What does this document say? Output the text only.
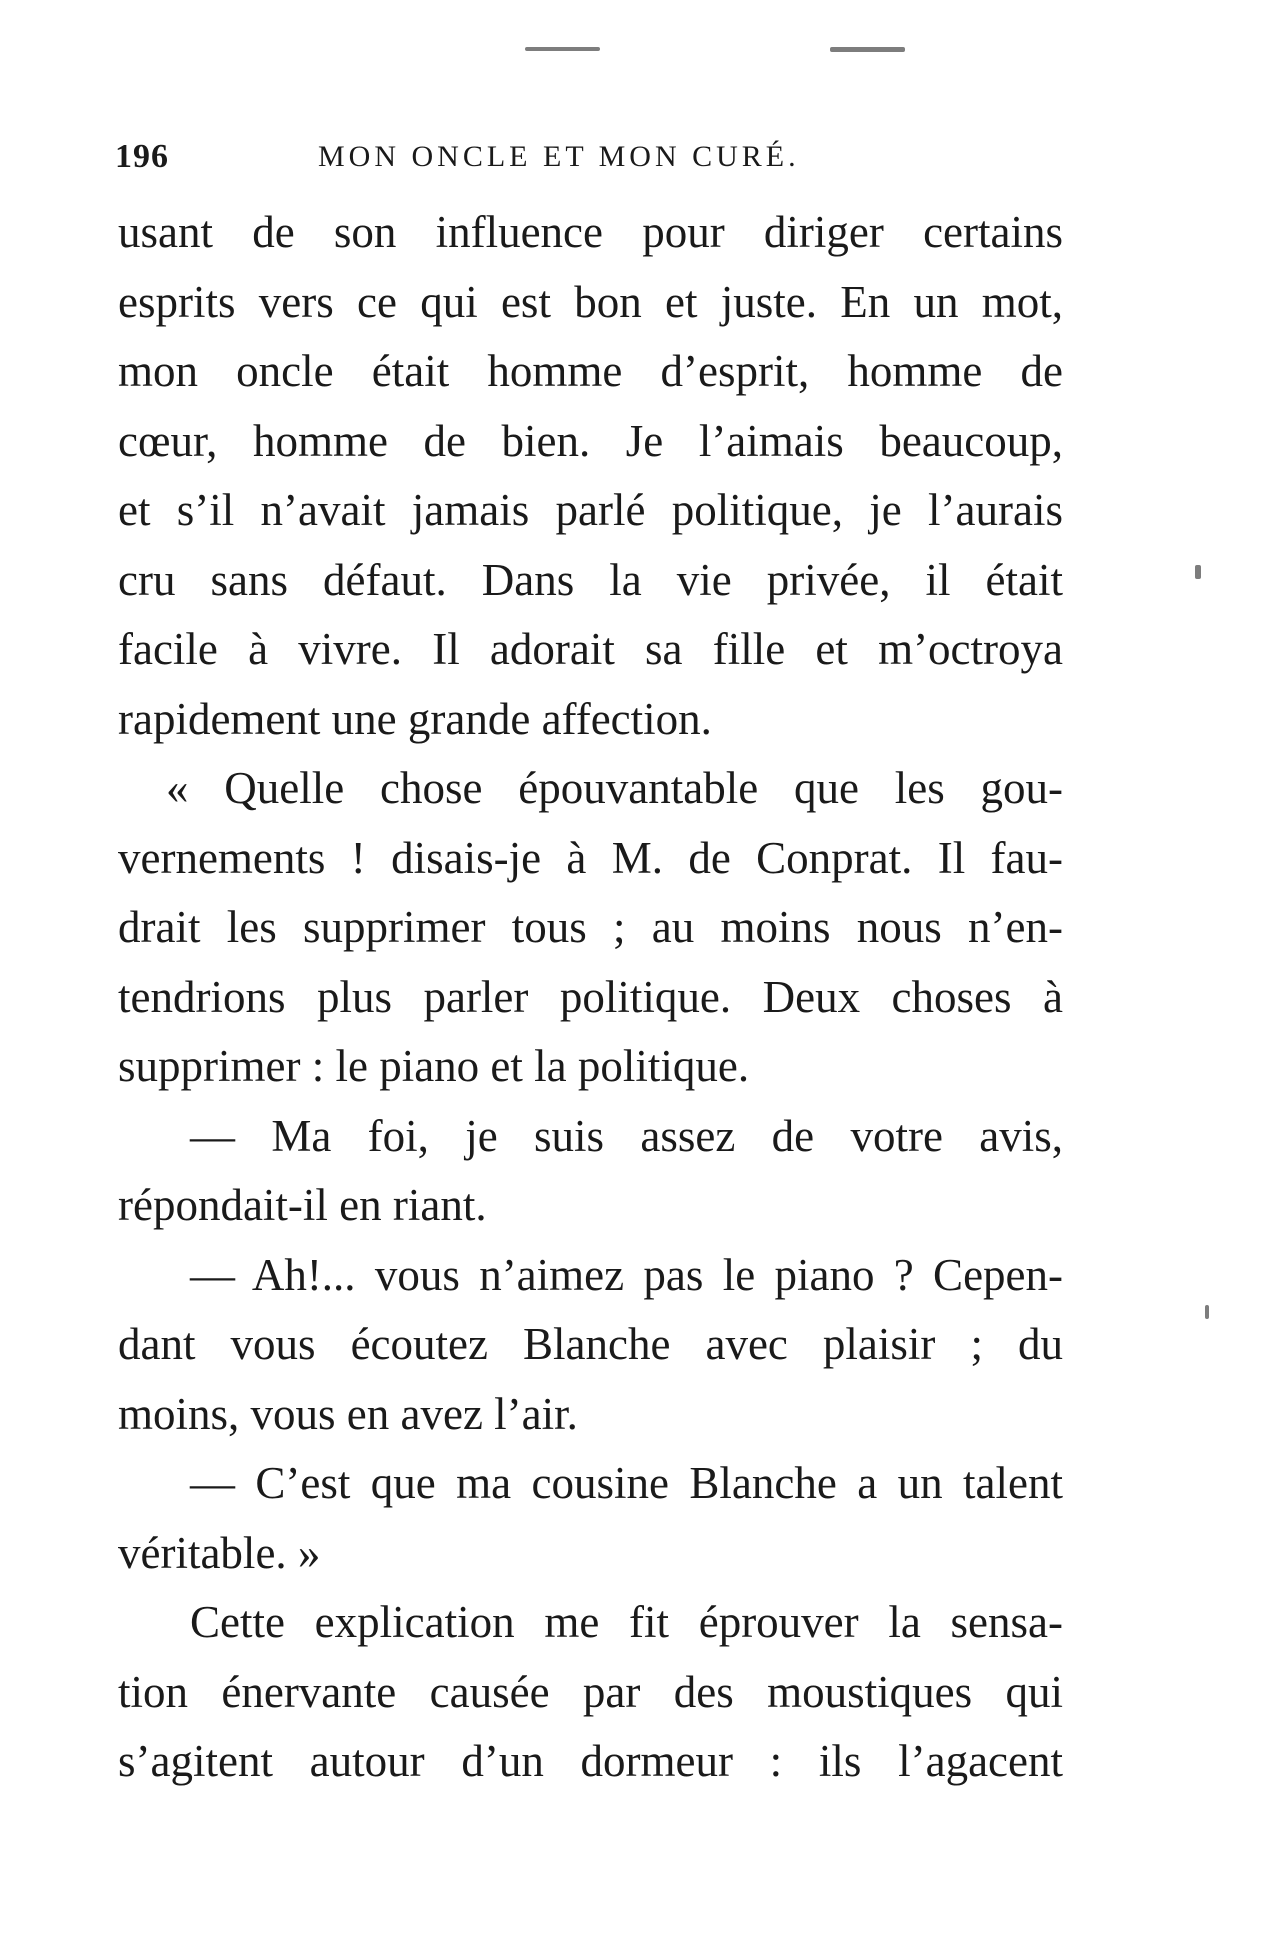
196	MON ONCLE ET MON CURÉ.
usant de son influence pour diriger certains
esprits vers ce qui est bon et juste. En un mot,
mon oncle était homme d’esprit, homme de
cœur, homme de bien. Je l’aimais beaucoup,
et s’il n’avait jamais parlé politique, je l’aurais
cru sans défaut. Dans la vie privée, il était
facile à vivre. Il adorait sa fille et m’octroya
rapidement une grande affection.
« Quelle chose épouvantable que les gou-
vernements ! disais-je à M. de Conprat. Il fau-
drait les supprimer tous ; au moins nous n’en-
tendrions plus parler politique. Deux choses à
supprimer : le piano et la politique.
— Ma foi, je suis assez de votre avis,
répondait-il en riant.
— Ah!... vous n’aimez pas le piano ? Cepen-
dant vous écoutez Blanche avec plaisir ; du
moins, vous en avez l’air.
— C’est que ma cousine Blanche a un talent
véritable. »
Cette explication me fit éprouver la sensa-
tion énervante causée par des moustiques qui
s’agitent autour d’un dormeur : ils l’agacent
